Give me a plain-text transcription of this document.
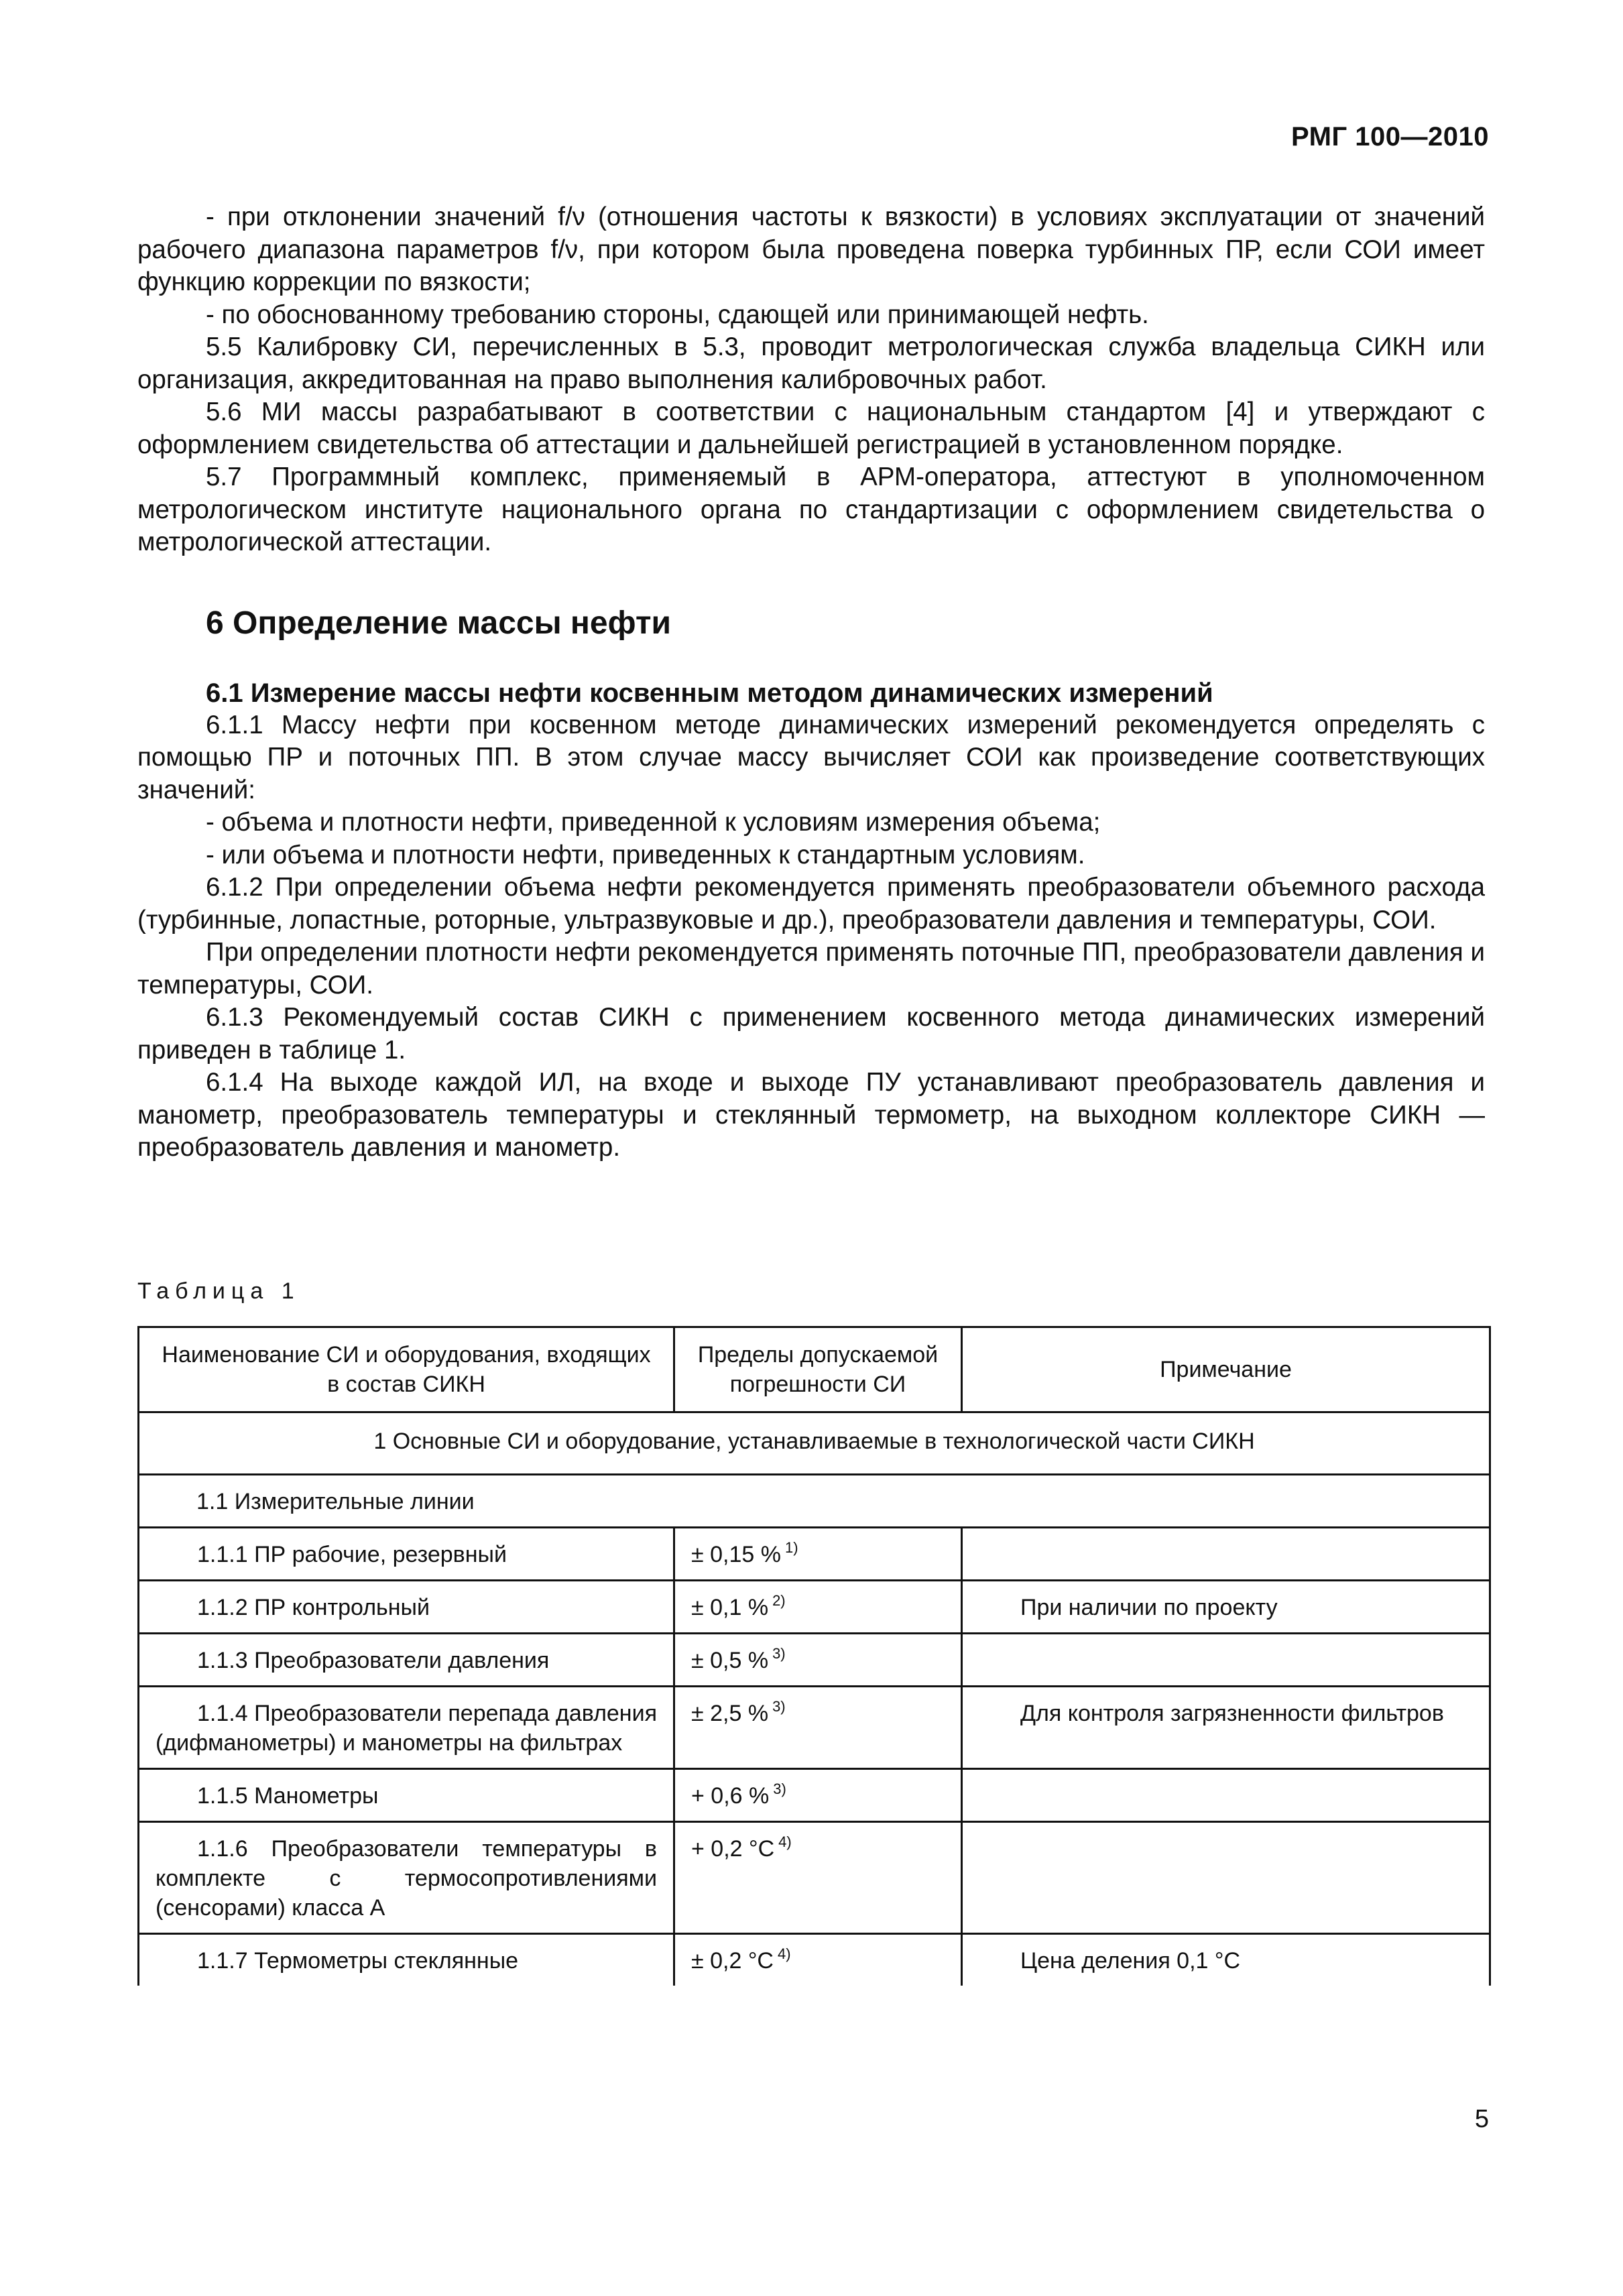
РМГ 100—2010

- при отклонении значений f/ν (отношения частоты к вязкости) в условиях эксплуатации от значений рабочего диапазона параметров f/ν, при котором была проведена поверка турбинных ПР, если СОИ имеет функцию коррекции по вязкости;

- по обоснованному требованию стороны, сдающей или принимающей нефть.

5.5 Калибровку СИ, перечисленных в 5.3, проводит метрологическая служба владельца СИКН или организация, аккредитованная на право выполнения калибровочных работ.

5.6 МИ массы разрабатывают в соответствии с национальным стандартом [4] и утверждают с оформлением свидетельства об аттестации и дальнейшей регистрацией в установленном порядке.

5.7 Программный комплекс, применяемый в АРМ-оператора, аттестуют в уполномоченном метрологическом институте национального органа по стандартизации с оформлением свидетельства о метрологической аттестации.

6 Определение массы нефти
6.1 Измерение массы нефти косвенным методом динамических измерений

6.1.1 Массу нефти при косвенном методе динамических измерений рекомендуется определять с помощью ПР и поточных ПП. В этом случае массу вычисляет СОИ как произведение соответствующих значений:

- объема и плотности нефти, приведенной к условиям измерения объема;

- или объема и плотности нефти, приведенных к стандартным условиям.

6.1.2 При определении объема нефти рекомендуется применять преобразователи объемного расхода (турбинные, лопастные, роторные, ультразвуковые и др.), преобразователи давления и температуры, СОИ.

При определении плотности нефти рекомендуется применять поточные ПП, преобразователи давления и температуры, СОИ.

6.1.3 Рекомендуемый состав СИКН с применением косвенного метода динамических измерений приведен в таблице 1.

6.1.4 На выходе каждой ИЛ, на входе и выходе ПУ устанавливают преобразователь давления и манометр, преобразователь температуры и стеклянный термометр, на выходном коллекторе СИКН — преобразователь давления и манометр.

Таблица 1
Наименование СИ и оборудования, входящих в состав СИКН	Пределы допускаемой погрешности СИ	Примечание
1 Основные СИ и оборудование, устанавливаемые в технологической части СИКН		
1.1 Измерительные линии		

1.1.1 ПР рабочие, резервный	± 0,15 % $^{1)}$	

1.1.2 ПР контрольный	± 0,1 % $^{2)}$	При наличии по проекту

1.1.3 Преобразователи давления	± 0,5 % $^{3)}$	

1.1.4 Преобразователи перепада давления (дифманометры) и манометры на фильтрах	± 2,5 % $^{3)}$	Для контроля загрязненности фильтров

1.1.5 Манометры	+ 0,6 % $^{3)}$	

1.1.6 Преобразователи температуры в комплекте с термосопротивлениями (сенсорами) класса А	+ 0,2 °С $^{4)}$	

1.1.7 Термометры стеклянные	± 0,2 °С $^{4)}$	Цена деления 0,1 °С
5
